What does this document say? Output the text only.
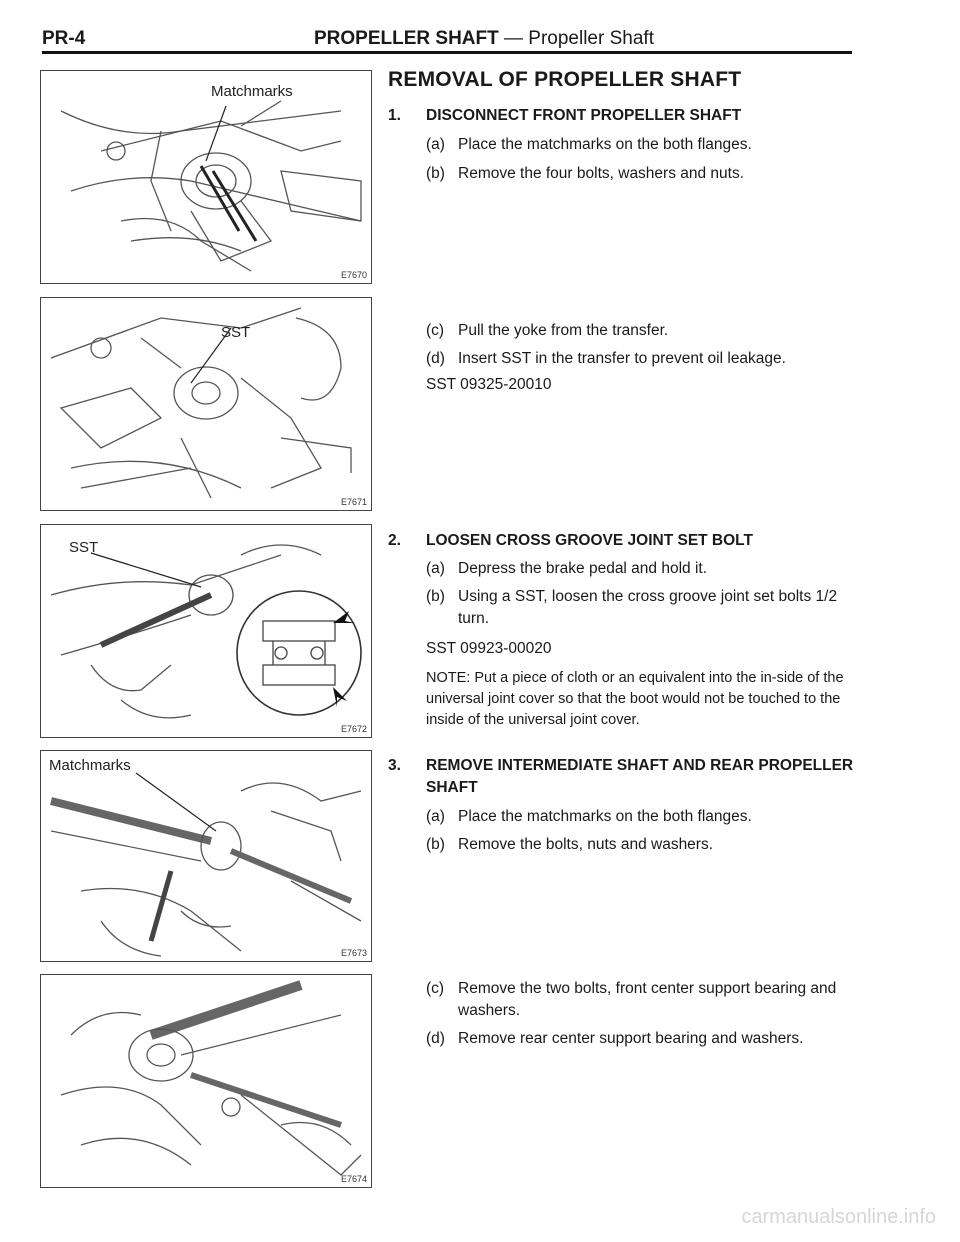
PR-4	PROPELLER SHAFT — Propeller Shaft
Matchmarks
E7670
SST
E7671
SST
E7672
Matchmarks
E7673
E7674
REMOVAL OF PROPELLER SHAFT
1. DISCONNECT FRONT PROPELLER SHAFT
(a) Place the matchmarks on the both flanges.
(b) Remove the four bolts, washers and nuts.
(c) Pull the yoke from the transfer.
(d) Insert SST in the transfer to prevent oil leakage.
SST 09325-20010
2. LOOSEN CROSS GROOVE JOINT SET BOLT
(a) Depress the brake pedal and hold it.
(b) Using a SST, loosen the cross groove joint set bolts 1/2 turn.
SST 09923-00020
NOTE: Put a piece of cloth or an equivalent into the in-side of the universal joint cover so that the boot would not be touched to the inside of the universal joint cover.
3. REMOVE INTERMEDIATE SHAFT AND REAR PROPELLER SHAFT
(a) Place the matchmarks on the both flanges.
(b) Remove the bolts, nuts and washers.
(c) Remove the two bolts, front center support bearing and washers.
(d) Remove rear center support bearing and washers.
carmanualsonline.info
